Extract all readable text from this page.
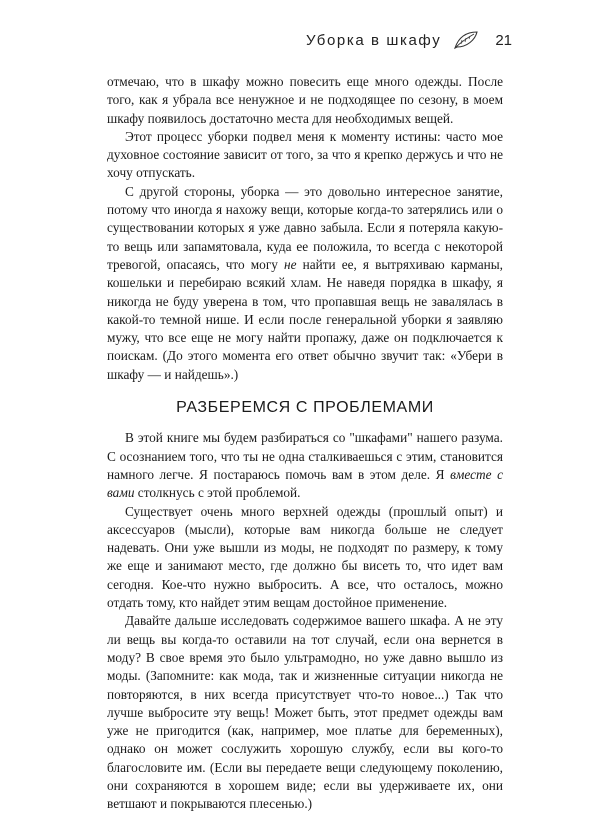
Уборка в шкафу	21

отмечаю, что в шкафу можно повесить еще много одежды. После того, как я убрала все ненужное и не подходящее по сезону, в моем шкафу появилось достаточно места для необходимых вещей.

Этот процесс уборки подвел меня к моменту истины: часто мое духовное состояние зависит от того, за что я крепко держусь и что не хочу отпускать.

С другой стороны, уборка — это довольно интересное занятие, потому что иногда я нахожу вещи, которые когда-то затерялись или о существовании которых я уже давно забыла. Если я потеряла какую-то вещь или запамятовала, куда ее положила, то всегда с некоторой тревогой, опасаясь, что могу не найти ее, я вытряхиваю карманы, кошельки и перебираю всякий хлам. Не наведя порядка в шкафу, я никогда не буду уверена в том, что пропавшая вещь не завалялась в какой-то темной нише. И если после генеральной уборки я заявляю мужу, что все еще не могу найти пропажу, даже он подключается к поискам. (До этого момента его ответ обычно звучит так: «Убери в шкафу — и найдешь».)

РАЗБЕРЕМСЯ С ПРОБЛЕМАМИ

В этой книге мы будем разбираться со "шкафами" нашего разума. С осознанием того, что ты не одна сталкиваешься с этим, становится намного легче. Я постараюсь помочь вам в этом деле. Я вместе с вами столкнусь с этой проблемой.

Существует очень много верхней одежды (прошлый опыт) и аксессуаров (мысли), которые вам никогда больше не следует надевать. Они уже вышли из моды, не подходят по размеру, к тому же еще и занимают место, где должно бы висеть то, что идет вам сегодня. Кое-что нужно выбросить. А все, что осталось, можно отдать тому, кто найдет этим вещам достойное применение.

Давайте дальше исследовать содержимое вашего шкафа. А не эту ли вещь вы когда-то оставили на тот случай, если она вернется в моду? В свое время это было ультрамодно, но уже давно вышло из моды. (Запомните: как мода, так и жизненные ситуации никогда не повторяются, в них всегда присутствует что-то новое...) Так что лучше выбросите эту вещь! Может быть, этот предмет одежды вам уже не пригодится (как, например, мое платье для беременных), однако он может сослужить хорошую службу, если вы кого-то благословите им. (Если вы передаете вещи следующему поколению, они сохраняются в хорошем виде; если вы удерживаете их, они ветшают и покрываются плесенью.)
